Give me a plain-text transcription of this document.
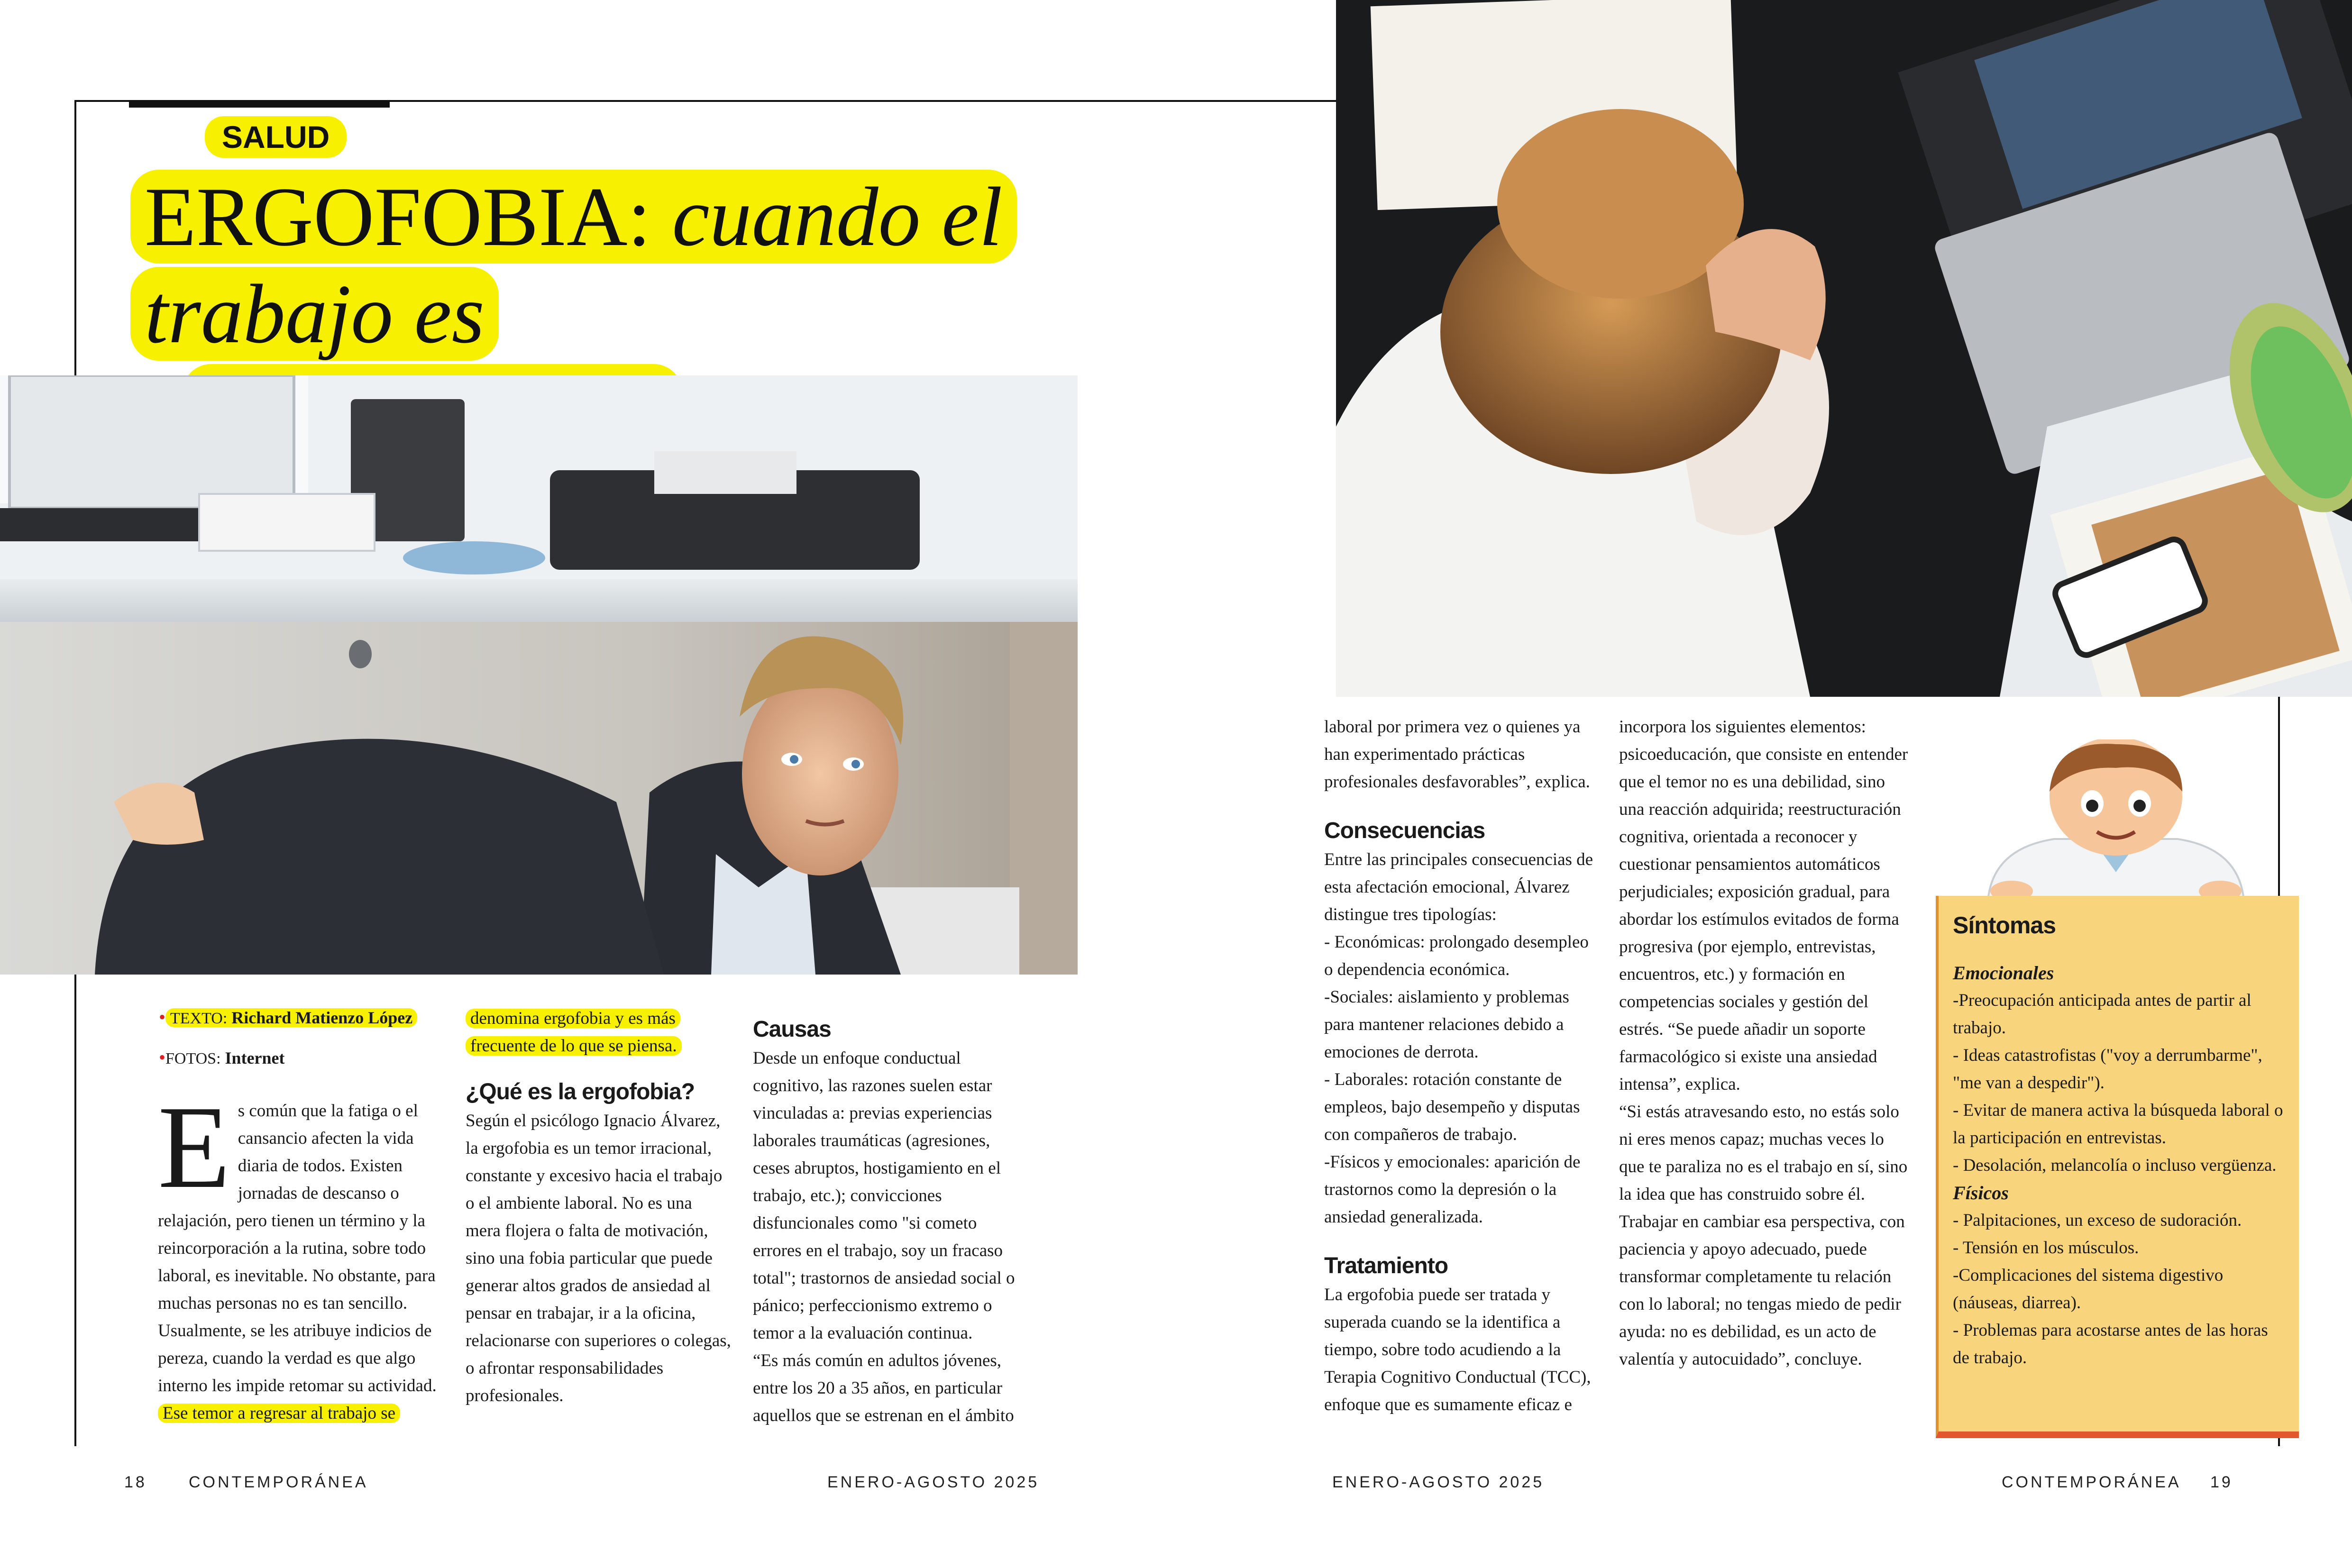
SALUD
ERGOFOBIA: cuando el trabajo es

• TEXTO: Richard Matienzo López
•FOTOS: Internet
E s común que la fatiga o el cansancio afecten la vida diaria de todos. Existen jornadas de descanso o relajación, pero tienen un término y la reincorporación a la rutina, sobre todo laboral, es inevitable. No obstante, para muchas personas no es tan sencillo. Usualmente, se les atribuye indicios de pereza, cuando la verdad es que algo interno les impide retomar su actividad.

Ese temor a regresar al trabajo se

denomina ergofobia y es más frecuente de lo que se piensa.

¿Qué es la ergofobia?

Según el psicólogo Ignacio Álvarez, la ergofobia es un temor irracional, constante y excesivo hacia el trabajo o el ambiente laboral. No es una mera flojera o falta de motivación, sino una fobia particular que puede generar altos grados de ansiedad al pensar en trabajar, ir a la oficina, relacionarse con superiores o colegas, o afrontar responsabilidades profesionales.

Causas

Desde un enfoque conductual cognitivo, las razones suelen estar vinculadas a: previas experiencias laborales traumáticas (agresiones, ceses abruptos, hostigamiento en el trabajo, etc.); convicciones disfuncionales como "si cometo errores en el trabajo, soy un fracaso total"; trastornos de ansiedad social o pánico; perfeccionismo extremo o temor a la evaluación continua.

“Es más común en adultos jóvenes, entre los 20 a 35 años, en particular aquellos que se estrenan en el ámbito

laboral por primera vez o quienes ya han experimentado prácticas profesionales desfavorables”, explica.

Consecuencias

Entre las principales consecuencias de esta afectación emocional, Álvarez distingue tres tipologías:

- Económicas: prolongado desempleo o dependencia económica.

-Sociales: aislamiento y problemas para mantener relaciones debido a emociones de derrota.

- Laborales: rotación constante de empleos, bajo desempeño y disputas con compañeros de trabajo.

-Físicos y emocionales: aparición de trastornos como la depresión o la ansiedad generalizada.

Tratamiento

La ergofobia puede ser tratada y superada cuando se la identifica a tiempo, sobre todo acudiendo a la Terapia Cognitivo Conductual (TCC), enfoque que es sumamente eficaz e

incorpora los siguientes elementos: psicoeducación, que consiste en entender que el temor no es una debilidad, sino una reacción adquirida; reestructuración cognitiva, orientada a reconocer y cuestionar pensamientos automáticos perjudiciales; exposición gradual, para abordar los estímulos evitados de forma progresiva (por ejemplo, entrevistas, encuentros, etc.) y formación en competencias sociales y gestión del estrés. “Se puede añadir un soporte farmacológico si existe una ansiedad intensa”, explica.

“Si estás atravesando esto, no estás solo ni eres menos capaz; muchas veces lo que te paraliza no es el trabajo en sí, sino la idea que has construido sobre él. Trabajar en cambiar esa perspectiva, con paciencia y apoyo adecuado, puede transformar completamente tu relación con lo laboral; no tengas miedo de pedir ayuda: no es debilidad, es un acto de valentía y autocuidado”, concluye.

Síntomas

Emocionales

-Preocupación anticipada antes de partir al trabajo.

- Ideas catastrofistas ("voy a derrumbarme", "me van a despedir").

- Evitar de manera activa la búsqueda laboral o la participación en entrevistas.

- Desolación, melancolía o incluso vergüenza.

Físicos

- Palpitaciones, un exceso de sudoración.

- Tensión en los músculos.

-Complicaciones del sistema digestivo (náuseas, diarrea).

- Problemas para acostarse antes de las horas de trabajo.

18	CONTEMPORÁNEA	ENERO-AGOSTO 2025	ENERO-AGOSTO 2025	CONTEMPORÁNEA 19
